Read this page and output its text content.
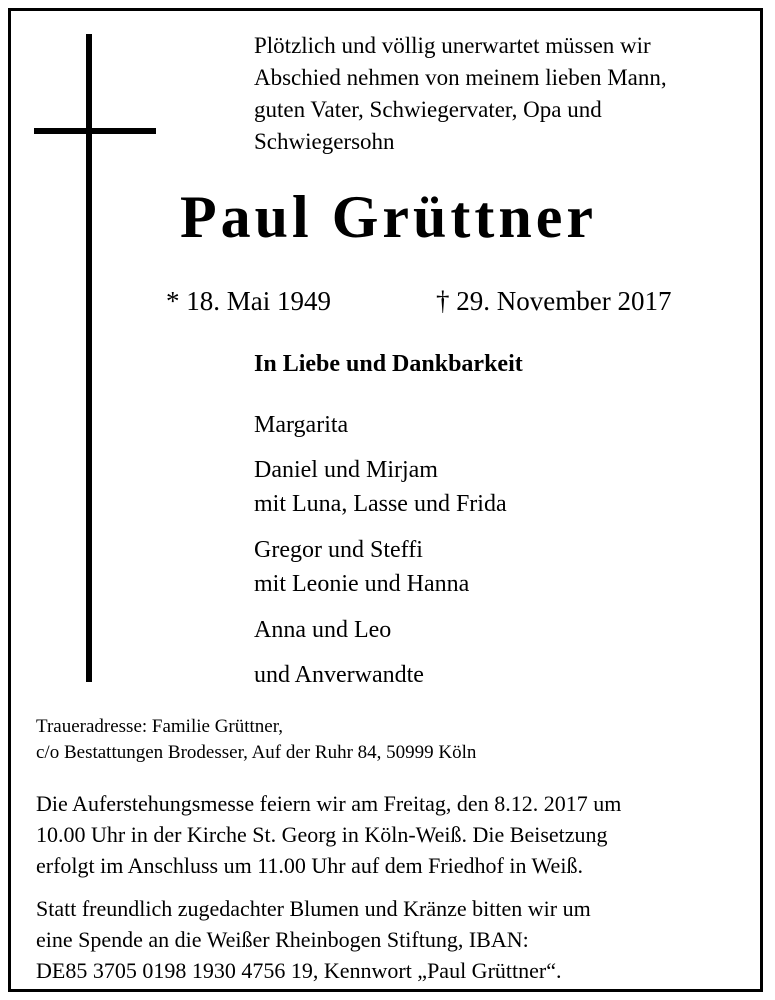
Plötzlich und völlig unerwartet müssen wir
Abschied nehmen von meinem lieben Mann,
guten Vater, Schwiegervater, Opa und
Schwiegersohn
Paul Grüttner
* 18. Mai 1949	† 29. November 2017
In Liebe und Dankbarkeit
Margarita
Daniel und Mirjam
mit Luna, Lasse und Frida
Gregor und Steffi
mit Leonie und Hanna
Anna und Leo
und Anverwandte
Traueradresse: Familie Grüttner,
c/o Bestattungen Brodesser, Auf der Ruhr 84, 50999 Köln
Die Auferstehungsmesse feiern wir am Freitag, den 8.12. 2017 um
10.00 Uhr in der Kirche St. Georg in Köln-Weiß. Die Beisetzung
erfolgt im Anschluss um 11.00 Uhr auf dem Friedhof in Weiß.
Statt freundlich zugedachter Blumen und Kränze bitten wir um
eine Spende an die Weißer Rheinbogen Stiftung, IBAN:
DE85 3705 0198 1930 4756 19, Kennwort „Paul Grüttner“.
